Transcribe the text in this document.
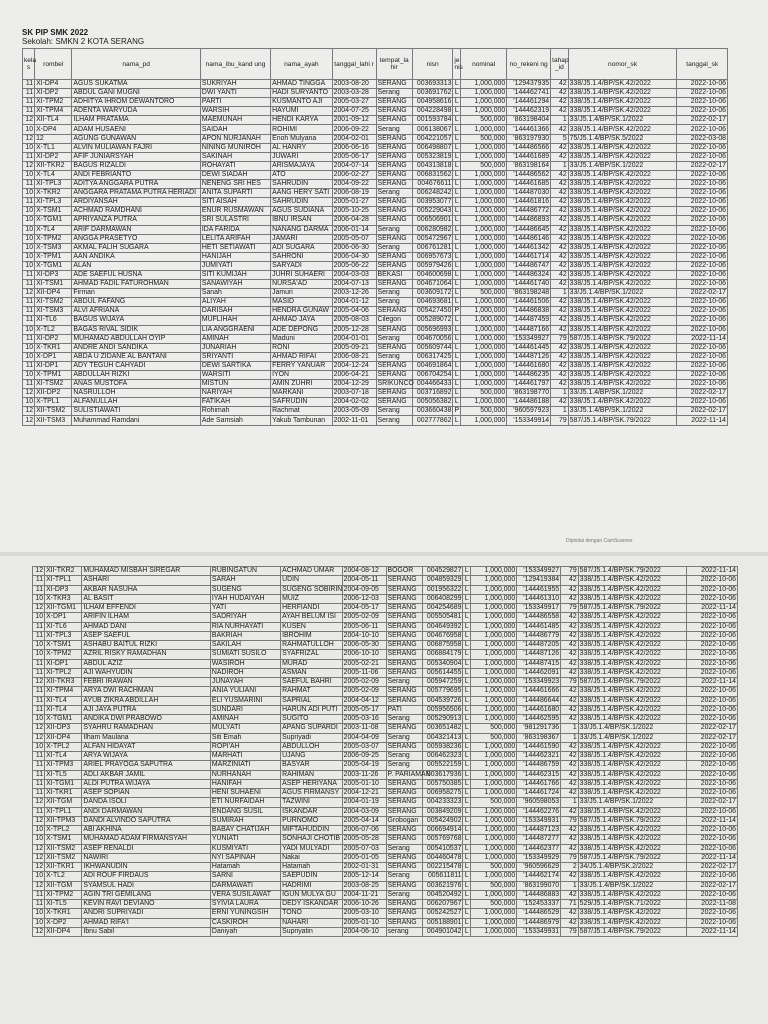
SK PIP SMK 2022
Sekolah: SMKN 2 KOTA SERANG
kela s	rombel	nama_pd	nama_ibu_kand ung	nama_ayah	tanggal_lahi r	tempat_la hir	nisn	je nis	nominal	no_rekeni ng	tahap _id	nomor_sk	tanggal_sk
11	XI-DP4	AGUS SUKATMA	SUKRIYAH	AHMAD TINGGA	2003-08-20	SERANG	003693313	L	1,000,000	'129437935	42	338/J5.1.4/BP/SK.42/2022	2022-10-06
11	XI-DP2	ABDUL GANI MUGNI	DWI YANTI	HADI SURYANTO	2003-03-28	Serang	003691762	L	1,000,000	'144462741	42	338/J5.1.4/BP/SK.42/2022	2022-10-06
11	XI-TPM2	ADHITYA IHROM DEWANTORO	PARTI	KUSMANTO AJI	2005-03-27	SERANG	004958616	L	1,000,000	'144461294	42	338/J5.1.4/BP/SK.42/2022	2022-10-06
11	XI-TPM4	ADENTA WARYUDA	WARSIH	HAYUMI	2004-07-25	SERANG	004228498	L	1,000,000	'144462319	42	338/J5.1.4/BP/SK.42/2022	2022-10-06
12	XII-TL4	ILHAM PRATAMA	MAEMUNAH	HENDI KARYA	2001-09-12	SERANG	001593784	L	500,000	'863198404	1	33/J5.1.4/BP/SK.1/2022	2022-02-17
10	X-DP4	ADAM HUSAENI	SAIDAH	ROHIMI	2006-09-22	Serang	006138067	L	1,000,000	'144461366	42	338/J5.1.4/BP/SK.42/2022	2022-10-06
12	12	AGUNG GUNAWAN	APON NURJANAH	Enoh Mulyana	2004-02-01	SERANG	004221057	L	500,000	'863197930	5	75/J5.1.4/BP/SK.5/2022	2022-03-08
10	X-TL1	ALVIN MULIAWAN FAJRI	NINING MUNIROH	AL HANRY	2006-06-16	SERANG	006498807	L	1,000,000	'144486566	42	338/J5.1.4/BP/SK.42/2022	2022-10-06
11	XI-DP2	AFIF JUNIARSYAH	SAKINAH	JUWARI	2005-06-17	SERANG	005323819	L	1,000,000	'144461689	42	338/J5.1.4/BP/SK.42/2022	2022-10-06
12	XII-TKR2	BAGUS RIZALDI	ROHAYATI	ARISMAJAYA	2004-07-14	SERANG	004313818	L	500,000	'863198164	1	33/J5.1.4/BP/SK.1/2022	2022-02-17
10	X-TL4	ANDI FEBRIANTO	DEWI SIADAH	ATO	2006-02-27	SERANG	006831562	L	1,000,000	'144486562	42	338/J5.1.4/BP/SK.42/2022	2022-10-06
11	XI-TPL3	ADITYA ANGGARA PUTRA	NENENG SRI HES	SAHRUDIN	2004-09-22	SERANG	004676611	L	1,000,000	'144461685	42	338/J5.1.4/BP/SK.42/2022	2022-10-06
10	X-TKR2	ANGGARA PRATAMA PUTRA HERIADI	ANITA SUPARTI	AANG HERY SATI	2006-08-19	Serang	006248242	L	1,000,000	'144487030	42	338/J5.1.4/BP/SK.42/2022	2022-10-06
11	XI-TPL3	ARDIYANSAH	SITI AISAH	SAHRUDIN	2005-01-27	SERANG	003953077	L	1,000,000	'144461816	42	338/J5.1.4/BP/SK.42/2022	2022-10-06
10	X-TSM1	ACHMAD RAMDHANI	ENUR RUSMAWAN	AGUS SUDIANA	2005-10-25	SERANG	005229043	L	1,000,000	'144486772	42	338/J5.1.4/BP/SK.42/2022	2022-10-06
10	X-TGM1	APRIYANZA PUTRA	SRI SULASTRI	IBNU IRSAN	2006-04-28	SERANG	006506901	L	1,000,000	'144486893	42	338/J5.1.4/BP/SK.42/2022	2022-10-06
10	X-TL4	ARIF DARMAWAN	IDA FARIDA	NANANG DARMA	2006-01-14	Serang	006280982	L	1,000,000	'144486645	42	338/J5.1.4/BP/SK.42/2022	2022-10-06
10	X-TPM2	ANGGA PRASETYO	LELITA ARIFAH	JAMARI	2005-05-07	SERANG	005472967	L	1,000,000	'144486146	42	338/J5.1.4/BP/SK.42/2022	2022-10-06
10	X-TSM3	AKMAL FALIH SUGARA	HETI SETIAWATI	ADI SUGARA	2006-06-30	Serang	006761281	L	1,000,000	'144461342	42	338/J5.1.4/BP/SK.42/2022	2022-10-06
10	X-TPM1	AAN ANDIKA	HANIJAH	SAHRONI	2006-04-30	SERANG	006957673	L	1,000,000	'144461714	42	338/J5.1.4/BP/SK.42/2022	2022-10-06
10	X-TGM1	ALAN	JUMIYATI	SARYADI	2005-06-22	SERANG	005979426	L	1,000,000	'144486747	42	338/J5.1.4/BP/SK.42/2022	2022-10-06
11	XI-DP3	ADE SAEFUL HUSNA	SITI KUMIJAH	JUHRI SUHAERI	2004-03-03	BEKASI	004600698	L	1,000,000	'144486324	42	338/J5.1.4/BP/SK.42/2022	2022-10-06
11	XI-TSM1	AHMAD FADIL FATUROHMAN	SANAWIYAH	NURSA'AD	2004-07-13	SERANG	004671064	L	1,000,000	'144461740	42	338/J5.1.4/BP/SK.42/2022	2022-10-06
12	XII-DP4	Firman	Sanah	Jamuri	2003-12-26	Serang	003609172	L	500,000	'863198248	1	33/J5.1.4/BP/SK.1/2022	2022-02-17
11	XI-TSM2	ABDUL FAFANG	ALIYAH	MASID	2004-01-12	Serang	004693681	L	1,000,000	'144461506	42	338/J5.1.4/BP/SK.42/2022	2022-10-06
11	XI-TSM3	ALVI AFRIANA	DARISAH	HENDRA GUNAW	2005-04-06	SERANG	005427450	P	1,000,000	'144486838	42	338/J5.1.4/BP/SK.42/2022	2022-10-06
11	XI-TL6	BAGUS WIJAYA	MUFLIHAH	AHMAD JAYA	2005-08-03	Cilegon	005289072	L	1,000,000	'144487459	42	338/J5.1.4/BP/SK.42/2022	2022-10-06
10	X-TL2	BAGAS RIVAL SIDIK	LIA ANGGRAENI	ADE DEPONG	2005-12-28	SERANG	005696993	L	1,000,000	'144487166	42	338/J5.1.4/BP/SK.42/2022	2022-10-06
11	XI-DP2	MUHAMAD ABDULLAH OYIP	AMINAH	Maduni	2004-01-01	Serang	004670056	L	1,000,000	'153349927	79	587/J5.1.4/BP/SK.79/2022	2022-11-14
10	X-TKR1	ANDRE ANDI SANDIKA	JUNARIAH	RONI	2005-09-21	SERANG	005609744	L	1,000,000	'144461445	42	338/J5.1.4/BP/SK.42/2022	2022-10-06
10	X-DP1	ABDA U ZIDANE AL BANTANI	SRIYANTI	AHMAD RIFAI	2006-08-21	Serang	006317425	L	1,000,000	'144487126	42	338/J5.1.4/BP/SK.42/2022	2022-10-06
11	XI-DP1	ADY TEGUH CAHYADI	DEWI SARTIKA	FERRY YANUAR	2004-12-24	SERANG	004691864	L	1,000,000	'144461680	42	338/J5.1.4/BP/SK.42/2022	2022-10-06
10	X-TPM1	ABDULLAH RIZKI	WARSITI	IYON	2006-04-21	SERANG	006704254	L	1,000,000	'144486235	42	338/J5.1.4/BP/SK.42/2022	2022-10-06
11	XI-TSM2	ANAS MUSTOFA	MISTUN	AMIN ZUHRI	2004-12-29	SRIKUNCO	004466433	L	1,000,000	'144461797	42	338/J5.1.4/BP/SK.42/2022	2022-10-06
12	XII-DP2	NASRULLOH	NARIYAH	MARKANI	2003-07-18	SERANG	003716892	L	500,000	'863198770	1	33/J5.1.4/BP/SK.1/2022	2022-02-17
10	X-TPL1	ALFANULLAH	FATIKAH	SAFRUDIN	2004-02-02	SERANG	005056382	L	1,000,000	'144486188	42	338/J5.1.4/BP/SK.42/2022	2022-10-06
12	XII-TSM2	SULISTIAWATI	Rohimah	Rachmat	2003-05-09	Serang	003660438	P	500,000	'960597923	1	33/J5.1.4/BP/SK.1/2022	2022-02-17
12	XII-TSM3	Muhammad Ramdani	Ade Samsiah	Yakub Tambunan	2002-11-01	Serang	002777862	L	1,000,000	'153349914	79	587/J5.1.4/BP/SK.79/2022	2022-11-14
Dipindai dengan CamScanner
12	XII-TKR2	MUHAMAD MISBAH SIREGAR	RUBINGATUN	ACHMAD UMAR	2004-08-12	BOGOR	004529827	L	1,000,000	'153349927	79	587/J5.1.4/BP/SK.79/2022	2022-11-14
11	XI-TPL1	ASHARI	SARAH	UDIN	2004-05-11	SERANG	004859329	L	1,000,000	'129419384	42	338/J5.1.4/BP/SK.42/2022	2022-10-06
11	XI-DP3	AKBAR NASUHA	SUGENG	SUGENG SOBIRIN	2004-09-05	SERANG	001956322	L	1,000,000	'144461955	42	338/J5.1.4/BP/SK.42/2022	2022-10-06
10	X-TKR3	AL BASIT	IYAH HUDAIYAH	MUIZ	2006-12-03	SERANG	006408299	L	1,000,000	'144461310	42	338/J5.1.4/BP/SK.42/2022	2022-10-06
12	XII-TGM1	ILHAM EFFENDI	YATI	HERFIANDI	2004-05-17	SERANG	004254689	L	1,000,000	'153349917	79	587/J5.1.4/BP/SK.79/2022	2022-11-14
10	X-DP1	ARIFIN ILHAM	SADRIYAH	AYAH BELUM ISI	2005-02-09	SERANG	005505481	L	1,000,000	'144486558	42	338/J5.1.4/BP/SK.42/2022	2022-10-06
11	XI-TL6	AHMAD DANI	RIA NURHAYATI	KUSEN	2005-06-11	SERANG	004649392	L	1,000,000	'144461485	42	338/J5.1.4/BP/SK.42/2022	2022-10-06
11	XI-TPL3	ASEP SAEFUL	BAKRIAH	IBROHIM	2004-10-10	SERANG	004676958	L	1,000,000	'144486779	42	338/J5.1.4/BP/SK.42/2022	2022-10-06
10	X-TSM1	ASHABU BAITUL RIZKI	SAKILAH	RAHMATULLOH	2006-05-30	SERANG	006875958	L	1,000,000	'144487205	42	338/J5.1.4/BP/SK.42/2022	2022-10-06
10	X-TPM2	AZRIL RISKY RAMADHAN	SUMIATI SUSILO	SYAFRIZAL	2006-10-10	SERANG	006884179	L	1,000,000	'144487126	42	338/J5.1.4/BP/SK.42/2022	2022-10-06
11	XI-DP1	ABDUL AZIZ	WASIROH	MURAD	2005-02-21	SERANG	005340904	L	1,000,000	'144487415	42	338/J5.1.4/BP/SK.42/2022	2022-10-06
11	XI-TPL2	AJI WAHYUDIN	NADIROH	ASMAN	2005-11-06	SERANG	005614455	L	1,000,000	'144462091	42	338/J5.1.4/BP/SK.42/2022	2022-10-06
12	XII-TKR3	FEBRI IRAWAN	JUNAYAH	SAEFUL BAHRI	2005-02-09	Serang	005947259	L	1,000,000	'153349923	79	587/J5.1.4/BP/SK.79/2022	2022-11-14
11	XI-TPM4	ARYA DWI RACHMAN	ANIA YULIANI	RAHMAT	2005-02-09	SERANG	005779695	L	1,000,000	'144461666	42	338/J5.1.4/BP/SK.42/2022	2022-10-06
11	XI-TL4	AYUB ZIKRA ABDILLAH	ELI YUSMARINI	SAPRIAL	2004-04-12	SERANG	004539726	L	1,000,000	'144486644	42	338/J5.1.4/BP/SK.42/2022	2022-10-06
11	XI-TL4	AJI JAYA PUTRA	SUNDARI	HARUN ADI PUTI	2005-05-17	PATI	005956506	L	1,000,000	'144461680	42	338/J5.1.4/BP/SK.42/2022	2022-10-06
10	X-TGM1	ANDIKA DWI PRABOWO	AMINAH	SUGITO	2005-03-16	Serang	005290913	L	1,000,000	'144462595	42	338/J5.1.4/BP/SK.42/2022	2022-10-06
12	XII-DP3	SYAHRU RAMADHAN	MULYATI	APANG SUPARDI	2003-11-08	SERANG	003651482	L	500,000	'981291736	1	33/J5.1.4/BP/SK.1/2022	2022-02-17
12	XII-DP4	Ilham Maulana	Siti Emah	Supriyadi	2004-04-09	Serang	004321413	L	500,000	'863198367	1	33/J5.1.4/BP/SK.1/2022	2022-02-17
10	X-TPL2	ALFAN HIDAYAT	ROPI'AH	ABDULLOH	2005-03-07	SERANG	005938236	L	1,000,000	'144461590	42	338/J5.1.4/BP/SK.42/2022	2022-10-06
11	XI-TL4	ARYA WIJAYA	MARHATI	UJANG	2006-09-25	Serang	006462323	L	1,000,000	'144462321	42	338/J5.1.4/BP/SK.42/2022	2022-10-06
11	XI-TPM3	ARIEL PRAYOGA SAPUTRA	MARZINIATI	BASYAR	2005-04-19	Serang	005522159	L	1,000,000	'144486759	42	338/J5.1.4/BP/SK.42/2022	2022-10-06
11	XI-TL5	ADLI AKBAR JAMIL	NURHANAH	RAHIMAN	2003-11-26	P. PARIAMAN	003617936	L	1,000,000	'144462315	42	338/J5.1.4/BP/SK.42/2022	2022-10-06
11	XI-TGM1	ALDI PUTRA WIJAYA	HANIFAH	ASEP HERIYANA	2005-01-10	SERANG	005750385	L	1,000,000	'144461766	42	338/J5.1.4/BP/SK.42/2022	2022-10-06
11	XI-TKR1	ASEP SOPIAN	HENI SUHAENI	AGUS FIRMANSY	2004-12-21	SERANG	006958275	L	1,000,000	'144461724	42	338/J5.1.4/BP/SK.42/2022	2022-10-06
12	XII-TGM	DANDA ISOLI	ETI NURFAIDAH	TAZWINI	2004-01-19	SERANG	004233323	L	500,000	'960598053	1	33/J5.1.4/BP/SK.1/2022	2022-02-17
11	XI-TPL1	ANDI DARMAWAN	ENDANG SUSIL	ISKANDAR	2004-03-09	SERANG	003849209	L	1,000,000	'144462276	42	338/J5.1.4/BP/SK.42/2022	2022-10-06
12	XII-TPM3	DANDI ALVINDO SAPUTRA	SUMIRAH	PURNOMO	2005-04-14	Grobogan	005424902	L	1,000,000	'153349931	79	587/J5.1.4/BP/SK.79/2022	2022-11-14
10	X-TPL2	ABI AKHINA	BABAY CHATIJAH	MIFTAHUDDIN	2006-07-06	SERANG	006694914	L	1,000,000	'144487123	42	338/J5.1.4/BP/SK.42/2022	2022-10-06
10	X-TSM1	MUHAMAD ADAM FIRMANSYAH	YUNIATI	SONHAJI CHOTIB	2005-05-28	SERANG	005769768	L	1,000,000	'144487277	42	338/J5.1.4/BP/SK.42/2022	2022-10-06
12	XII-TSM2	ASEP RENALDI	KUSMIYATI	YADI MULYADI	2005-07-03	Serang	005410537	L	1,000,000	'144462377	42	338/J5.1.4/BP/SK.42/2022	2022-10-06
12	XII-TSM2	NAWIRI	NYI SAPINAH	Nakai	2005-01-05	SERANG	004460478	L	1,000,000	'153349929	79	587/J5.1.4/BP/SK.79/2022	2022-11-14
12	XII-TKR1	IKHWANUDIN	Hatamah	Hatamah	2002-01-31	SERANG	002215478	L	500,000	'960596629	2	34/J5.1.4/BP/SK.2/2022	2022-02-17
10	X-TL2	ADI ROUF FIRDAUS	SARNI	SAEPUDIN	2005-12-14	Serang	005611811	L	1,000,000	'144462174	42	338/J5.1.4/BP/SK.42/2022	2022-10-06
12	XII-TGM	SYAMSUL HADI	DARMAWATI	HADRIMI	2003-08-25	SERANG	003621976	L	500,000	'863199070	1	33/J5.1.4/BP/SK.1/2022	2022-02-17
11	XI-TPM2	AGIN TRI GEMILANG	VERA SUSILAWAT	IGUN MULYA GU	2004-11-21	Serang	004520492	L	1,000,000	'144486883	42	338/J5.1.4/BP/SK.42/2022	2022-10-06
11	XI-TL5	KEVIN RAVI DEVIANO	SYIVIA LAURA	DEDY ISKANDAR	2006-10-26	SERANG	006207967	L	500,000	'152453337	71	529/J5.1.4/BP/SK.71/2022	2022-11-08
10	X-TKR1	ANDRI SUPRIYADI	ERNI YUNINGSIH	TONO	2005-03-10	SERANG	005242527	L	1,000,000	'144486529	42	338/J5.1.4/BP/SK.42/2022	2022-10-06
10	X-DP2	AHMAD RIFA'I	CASKIROH	NAHARI	2005-01-10	SERANG	005188901	L	1,000,000	'144486979	42	338/J5.1.4/BP/SK.42/2022	2022-10-06
12	XII-DP4	Ibnu Sabil	Daniyah	Supriyatin	2004-06-10	serang	004901042	L	1,000,000	'153349931	79	587/J5.1.4/BP/SK.79/2022	2022-11-14
